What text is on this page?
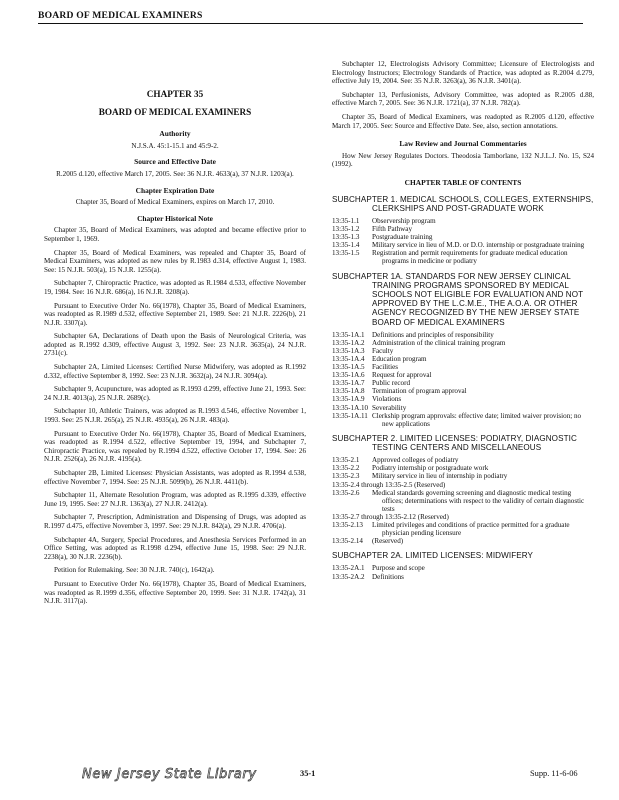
BOARD OF MEDICAL EXAMINERS
CHAPTER 35
BOARD OF MEDICAL EXAMINERS
Authority

N.J.S.A. 45:1-15.1 and 45:9-2.

Source and Effective Date

R.2005 d.120, effective March 17, 2005. See: 36 N.J.R. 4633(a), 37 N.J.R. 1203(a).

Chapter Expiration Date

Chapter 35, Board of Medical Examiners, expires on March 17, 2010.

Chapter Historical Note

Chapter 35, Board of Medical Examiners, was adopted and became effective prior to September 1, 1969.

Chapter 35, Board of Medical Examiners, was repealed and Chapter 35, Board of Medical Examiners, was adopted as new rules by R.1983 d.314, effective August 1, 1983. See: 15 N.J.R. 503(a), 15 N.J.R. 1255(a).

Subchapter 7, Chiropractic Practice, was adopted as R.1984 d.533, effective November 19, 1984. See: 16 N.J.R. 686(a), 16 N.J.R. 3208(a).

Pursuant to Executive Order No. 66(1978), Chapter 35, Board of Medical Examiners, was readopted as R.1989 d.532, effective September 21, 1989. See: 21 N.J.R. 2226(b), 21 N.J.R. 3307(a).

Subchapter 6A, Declarations of Death upon the Basis of Neurological Criteria, was adopted as R.1992 d.309, effective August 3, 1992. See: 23 N.J.R. 3635(a), 24 N.J.R. 2731(c).

Subchapter 2A, Limited Licenses: Certified Nurse Midwifery, was adopted as R.1992 d.332, effective September 8, 1992. See: 23 N.J.R. 3632(a), 24 N.J.R. 3094(a).

Subchapter 9, Acupuncture, was adopted as R.1993 d.299, effective June 21, 1993. See: 24 N.J.R. 4013(a), 25 N.J.R. 2689(c).

Subchapter 10, Athletic Trainers, was adopted as R.1993 d.546, effective November 1, 1993. See: 25 N.J.R. 265(a), 25 N.J.R. 4935(a), 26 N.J.R. 483(a).

Pursuant to Executive Order No. 66(1978), Chapter 35, Board of Medical Examiners, was readopted as R.1994 d.522, effective September 19, 1994, and Subchapter 7, Chiropractic Practice, was repealed by R.1994 d.522, effective October 17, 1994. See: 26 N.J.R. 2526(a), 26 N.J.R. 4195(a).

Subchapter 2B, Limited Licenses: Physician Assistants, was adopted as R.1994 d.538, effective November 7, 1994. See: 25 N.J.R. 5099(b), 26 N.J.R. 4411(b).

Subchapter 11, Alternate Resolution Program, was adopted as R.1995 d.339, effective June 19, 1995. See: 27 N.J.R. 1363(a), 27 N.J.R. 2412(a).

Subchapter 7, Prescription, Administration and Dispensing of Drugs, was adopted as R.1997 d.475, effective November 3, 1997. See: 29 N.J.R. 842(a), 29 N.J.R. 4706(a).

Subchapter 4A, Surgery, Special Procedures, and Anesthesia Services Performed in an Office Setting, was adopted as R.1998 d.294, effective June 15, 1998. See: 29 N.J.R. 2238(a), 30 N.J.R. 2236(b).

Petition for Rulemaking. See: 30 N.J.R. 740(c), 1642(a).

Pursuant to Executive Order No. 66(1978), Chapter 35, Board of Medical Examiners, was readopted as R.1999 d.356, effective September 20, 1999. See: 31 N.J.R. 1742(a), 31 N.J.R. 3117(a).

Subchapter 12, Electrologists Advisory Committee; Licensure of Electrologists and Electrology Instructors; Electrology Standards of Practice, was adopted as R.2004 d.279, effective July 19, 2004. See: 35 N.J.R. 3263(a), 36 N.J.R. 3401(a).

Subchapter 13, Perfusionists, Advisory Committee, was adopted as R.2005 d.88, effective March 7, 2005. See: 36 N.J.R. 1721(a), 37 N.J.R. 782(a).

Chapter 35, Board of Medical Examiners, was readopted as R.2005 d.120, effective March 17, 2005. See: Source and Effective Date. See, also, section annotations.

Law Review and Journal Commentaries

How New Jersey Regulates Doctors. Theodosia Tamborlane, 132 N.J.L.J. No. 15, S24 (1992).

CHAPTER TABLE OF CONTENTS
SUBCHAPTER 1. MEDICAL SCHOOLS, COLLEGES, EXTERNSHIPS, CLERKSHIPS AND POST-GRADUATE WORK
13:35-1.1	Observership program
13:35-1.2	Fifth Pathway
13:35-1.3	Postgraduate training
13:35-1.4	Military service in lieu of M.D. or D.O. internship or postgraduate training
13:35-1.5	Registration and permit requirements for graduate medical education programs in medicine or podiatry
SUBCHAPTER 1A. STANDARDS FOR NEW JERSEY CLINICAL TRAINING PROGRAMS SPONSORED BY MEDICAL SCHOOLS NOT ELIGIBLE FOR EVALUATION AND NOT APPROVED BY THE L.C.M.E., THE A.O.A. OR OTHER AGENCY RECOGNIZED BY THE NEW JERSEY STATE BOARD OF MEDICAL EXAMINERS
13:35-1A.1	Definitions and principles of responsibility
13:35-1A.2	Administration of the clinical training program
13:35-1A.3	Faculty
13:35-1A.4	Education program
13:35-1A.5	Facilities
13:35-1A.6	Request for approval
13:35-1A.7	Public record
13:35-1A.8	Termination of program approval
13:35-1A.9	Violations
13:35-1A.10 Severability
13:35-1A.11 Clerkship program approvals: effective date; limited waiver provision; no new applications
SUBCHAPTER 2. LIMITED LICENSES: PODIATRY, DIAGNOSTIC TESTING CENTERS AND MISCELLANEOUS
13:35-2.1	Approved colleges of podiatry
13:35-2.2	Podiatry internship or postgraduate work
13:35-2.3	Military service in lieu of internship in podiatry
13:35-2.4 through 13:35-2.5 (Reserved)
13:35-2.6	Medical standards governing screening and diagnostic medical testing offices; determinations with respect to the validity of certain diagnostic tests
13:35-2.7 through 13:35-2.12 (Reserved)
13:35-2.13	Limited privileges and conditions of practice permitted for a graduate physician pending licensure
13:35-2.14	(Reserved)
SUBCHAPTER 2A. LIMITED LICENSES: MIDWIFERY
13:35-2A.1	Purpose and scope
13:35-2A.2	Definitions
New Jersey State Library	35-1	Supp. 11-6-06
